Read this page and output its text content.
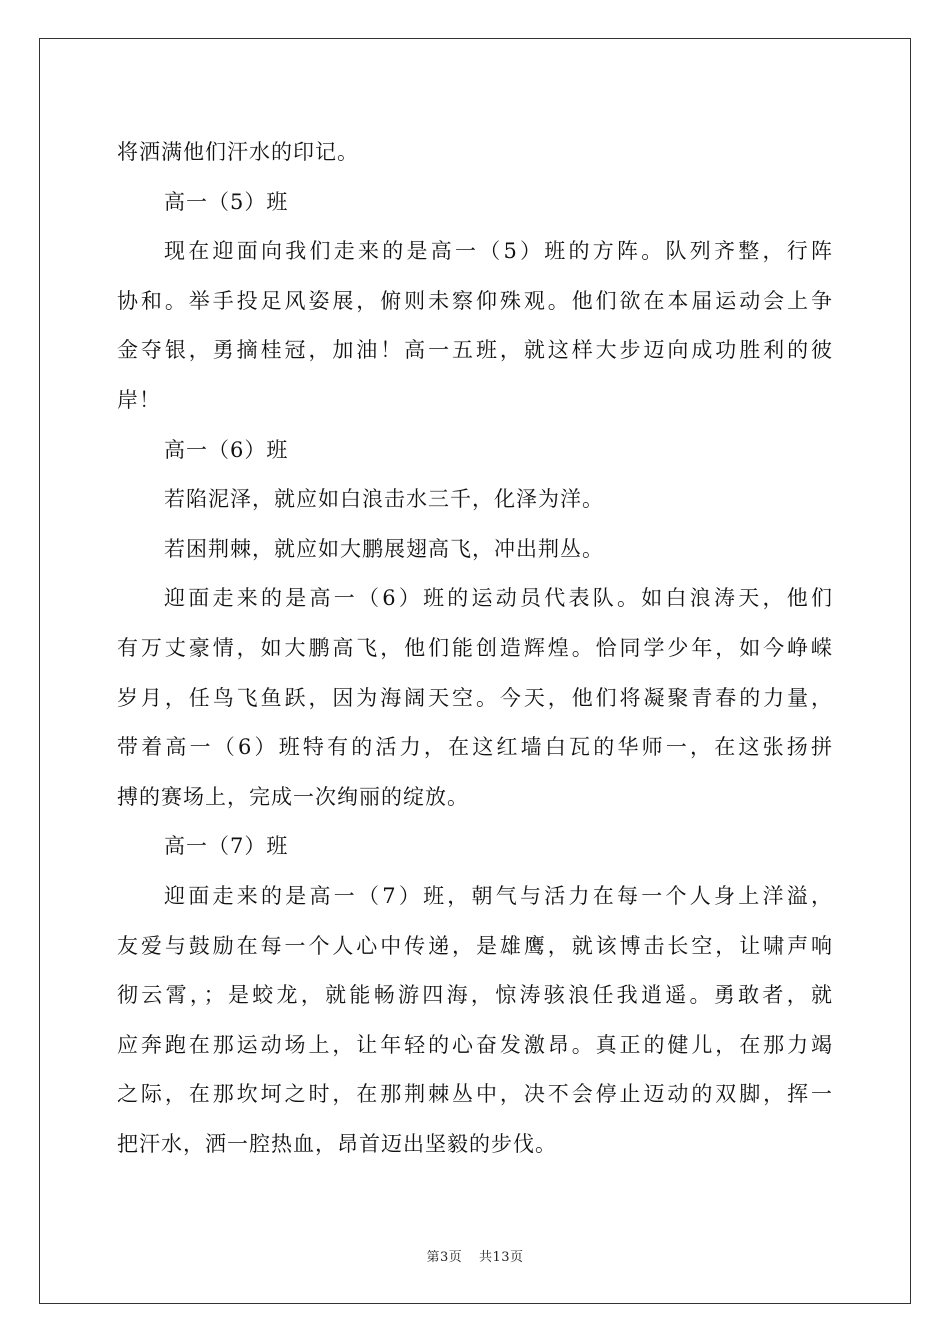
将洒满他们汗水的印记。
高一（5）班
现在迎面向我们走来的是高一（5）班的方阵。队列齐整，行阵
协和。举手投足风姿展，俯则未察仰殊观。他们欲在本届运动会上争
金夺银，勇摘桂冠，加油！高一五班，就这样大步迈向成功胜利的彼
岸！
高一（6）班
若陷泥泽，就应如白浪击水三千，化泽为洋。
若困荆棘，就应如大鹏展翅高飞，冲出荆丛。
迎面走来的是高一（6）班的运动员代表队。如白浪涛天，他们
有万丈豪情，如大鹏高飞，他们能创造辉煌。恰同学少年，如今峥嵘
岁月，任鸟飞鱼跃，因为海阔天空。今天，他们将凝聚青春的力量，
带着高一（6）班特有的活力，在这红墙白瓦的华师一，在这张扬拼
搏的赛场上，完成一次绚丽的绽放。
高一（7）班
迎面走来的是高一（7）班，朝气与活力在每一个人身上洋溢，
友爱与鼓励在每一个人心中传递，是雄鹰，就该博击长空，让啸声响
彻云霄，；是蛟龙，就能畅游四海，惊涛骇浪任我逍遥。勇敢者，就
应奔跑在那运动场上，让年轻的心奋发激昂。真正的健儿，在那力竭
之际，在那坎坷之时，在那荆棘丛中，决不会停止迈动的双脚，挥一
把汗水，洒一腔热血，昂首迈出坚毅的步伐。
第3页 共13页
